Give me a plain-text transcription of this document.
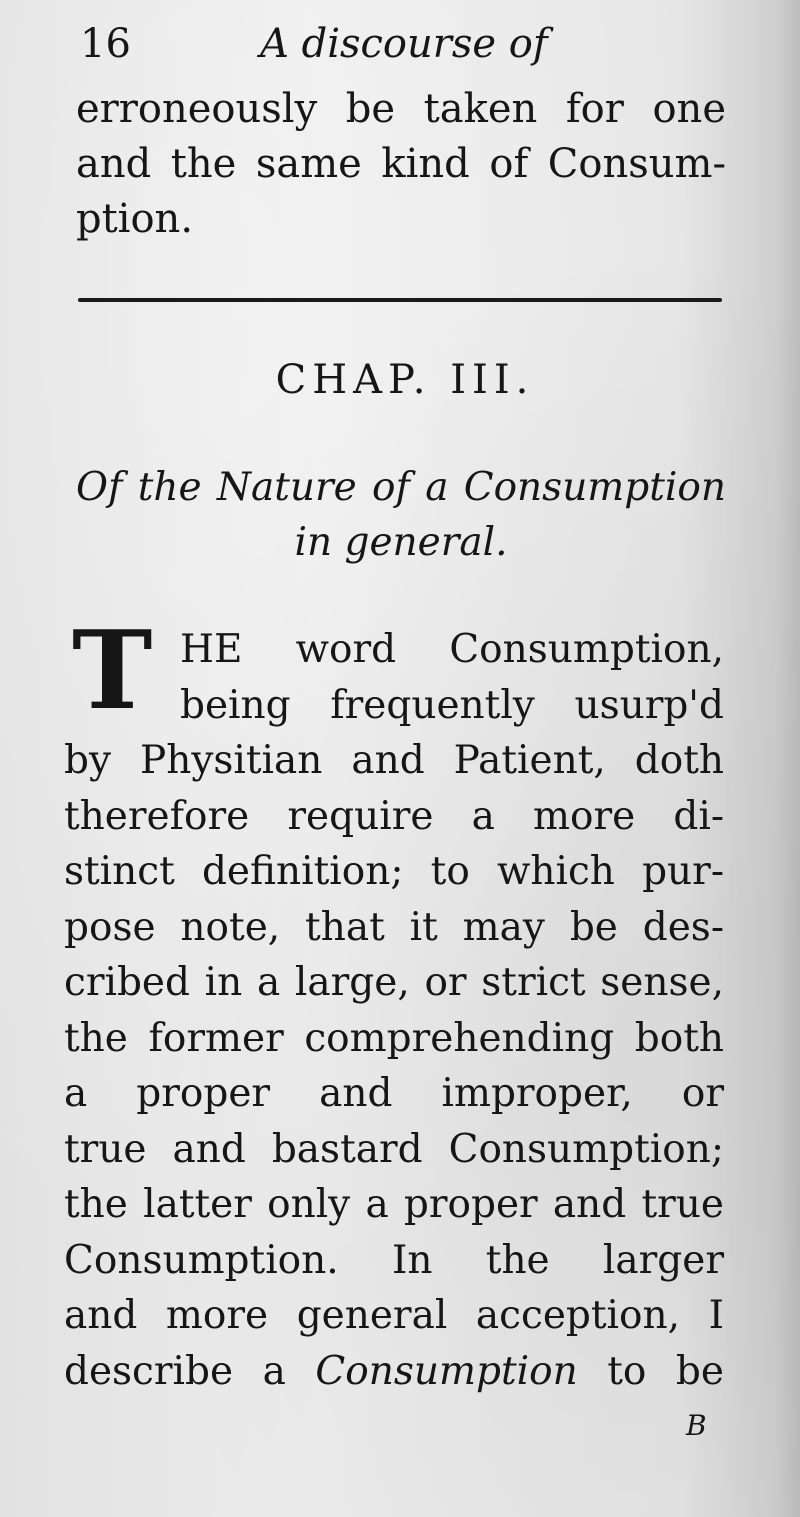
16	A discourse of
erroneously be taken for one
and the same kind of Consum-
ption.
CHAP. III.
Of the Nature of a Consumption
in general.
T HE word Consumption,
being frequently usurp'd
by Physitian and Patient, doth
therefore require a more di-
stinct definition; to which pur-
pose note, that it may be des-
cribed in a large, or strict sense,
the former comprehending both
a proper and improper, or
true and bastard Consumption;
the latter only a proper and true
Consumption. In the larger
and more general acception, I
describe a Consumption to be
B
